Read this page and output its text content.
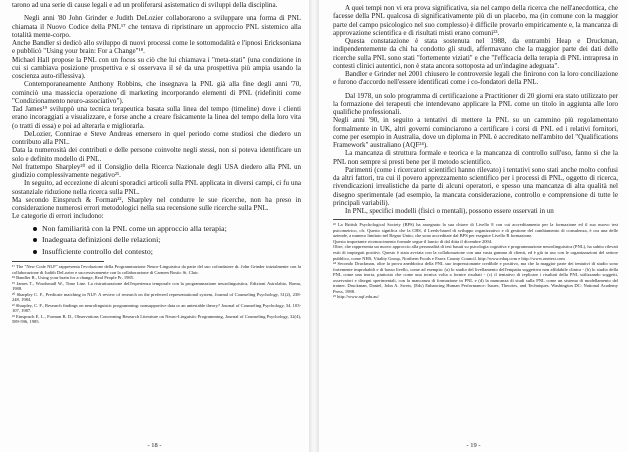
tarono ad una serie di cause legali e ad un proliferarsi asistematico di sviluppi della disciplina.

Negli anni '80 John Grinder e Judith DeLozier collaborarono a sviluppare una forma di PNL chiamata il Nuovo Codice della PNL¹⁷ che tentava di ripristinare un approccio PNL sistemico alla totalità mente-corpo.

Anche Bandler si dedicò allo sviluppo di nuovi processi come le sottomodalità e l'ipnosi Ericksoniana e pubblicò "Using your brain: For a Change"¹⁸.

Michael Hall propose la PNL con un focus su ciò che lui chiamava i "meta-stati" (una condizione in cui si cambiava posizione prospettiva e si osservava il sé da una prospettiva più ampia usando la coscienza auto-riflessiva).

Contemporaneamente Anthony Robbins, che insegnava la PNL già alla fine degli anni '70, cominciò una massiccia operazione di marketing incorporando elementi di PNL (ridefiniti come "Condizionamento neuro-associativo").

Tad James¹⁹ sviluppò una tecnica terapeutica basata sulla linea del tempo (timeline) dove i clienti erano incoraggiati a visualizzare, e forse anche a creare fisicamente la linea del tempo della loro vita (o tratti di essa) e poi ad alterarla e migliorarla.

DeLozier, Connirae e Steve Andreas emersero in quel periodo come studiosi che diedero un contributo alla PNL.

Data la numerosità dei contributi e delle persone coinvolte negli stessi, non si poteva identificare un solo e definito modello di PNL.

Nel frattempo Sharpley²⁰ ed il Consiglio della Ricerca Nazionale degli USA diedero alla PNL un giudizio complessivamente negativo²¹.

In seguito, ad eccezione di alcuni sporadici articoli sulla PNL applicata in diversi campi, ci fu una sostanziale riduzione nella ricerca sulla PNL.

Ma secondo Einspruch & Forman²², Sharpley nel condurre le sue ricerche, non ha preso in considerazione numerosi errori metodologici nella sua recensione sulle ricerche sulla PNL.

Le categorie di errori includono:

Non familiarità con la PNL come un approccio alla terapia;
Inadeguata definizioni delle relazioni;
Insufficiente controllo del contesto;

¹⁷ The "New Code NLP" rappresenta l'evoluzione della Programmazione Neuro-Linguistica da parte del suo cofondatore dr. John Grinder inizialmente con la collaborazione di Judith DeLozier e successivamente con la collaborazione di Carmen Bostic St. Clair.

¹⁸ Bandler R., Using your brain for a change, Real People Pr, 1985.

¹⁹ James T., Woodsmall W., Time Line. La ristrutturazione dell'esperienza temporale con la programmazione neurolinguistica, Edizioni Astrolabio, Roma, 1988.

²⁰ Sharpley C. F., Predicate matching in NLP: A review of research on the preferred representational system, Journal of Counseling Psychology, 31(2), 238-248, 1984.

²¹ Sharpley, C. F., Research findings on neurolinguistic programming: nonsupportive data or an untestable theory? Journal of Counseling Psychology, 34, 103-107, 1987.

²² Einspruch E. L., Forman B. D., Observations Concerning Research Literature on Neuro-Linguistic Programming, Journal of Counseling Psychology, 32(4), 589-596, 1985.

- 18 -

A quei tempi non vi era prova significativa, sia nel campo della ricerca che nell'anecdottica, che facesse della PNL qualcosa di significativamente più di un placebo, ma (in comune con la maggior parte del campo psicologico nel suo complesso) è difficile provarlo empiricamente e, la mancanza di approvazione scientifica e di risultati misti erano comuni²³.

Questa constatazione è stata sostenuta nel 1988, da entrambi Heap e Druckman, indipendentemente da chi ha condotto gli studi, affermavano che la maggior parte dei dati delle ricerche sulla PNL sono stati "fortemente viziati" e che "l'efficacia della terapia di PNL intrapresa in contesti clinici autentici, non è stata ancora sottoposta ad un'indagine adeguata".

Bandler e Grinder nel 2001 chiusero le controversie legali che finirono con la loro conciliazione e furono d'accordo nell'essere identificati come i co-fondatori della PNL.

Dal 1978, un solo programma di certificazione a Practitioner di 20 giorni era stato utilizzato per la formazione dei terapeuti che intendevano applicare la PNL come un titolo in aggiunta alle loro qualifiche professionali.

Negli anni '90, in seguito a tentativi di mettere la PNL su un cammino più regolamentato formalmente in UK, altri governi cominciarono a certificare i corsi di PNL ed i relativi fornitori, come per esempio in Australia, dove un diploma in PNL è accreditato nell'ambito del "Qualifications Framework" australiano (AQF²⁴).

La mancanza di struttura formale e teorica e la mancanza di controllo sull'uso, fanno sì che la PNL non sempre si presti bene per il metodo scientifico.

Parimenti (come i ricercatori scientifici hanno rilevato) i tentativi sono stati anche molto confusi da altri fattori, tra cui il povero apprezzamento scientifico per i processi di PNL, oggetto di ricerca, rivendicazioni irrealistiche da parte di alcuni operatori, e spesso una mancanza di alta qualità nel disegno sperimentale (ad esempio, la mancata considerazione, controllo e comprensione di tutte le principali variabili).

In PNL, specifici modelli (fisici o mentali), possono essere osservati in un

²³ La British Psychological Society (BPS) ha assegnato la sua chiave di Livello 8 con cui accreditamento per la formazione ed il suo nuovo test psicometrico, cfr. Questo significa che la CBS, il Leeds-based di sviluppo organizzativo e di gestione del cambiamento di consulenza, è ora una delle aziende, a numero limitato nel Regno Unito, che sono accreditate dal BPS per eseguire Livello B formazione.

Questo importante riconoscimento formale segue il lancio di dal ditta il dicembre 2004.

Oltre, che rappresenta un nuovo approccio alla personalità di test basati su psicologia cognitiva e programmazione neurolinguistica (PNL), ha subito rilevati esiti di impiegati positivi. Questo è stata avviata con la collaborazione con una vasta gamma di clienti, ed è già in uso con le organizzazioni del settore pubblico, come NHS, Vitality Group, Northern Foods e Essex County Council. http://www.edaq.com e http://www.onetest.com

²⁴ Secondo Druckman, oltre la prova aneddotica della PNL suo impressionante credibile e positivo, ma che la maggior parte dei tentativi di studio sono fortemente improbabili e di basso livello, come ad esempio: (a) lo studio del livellamento dell'empatia soggettiva non affidabile clinica - (b) lo studio della PNL come una teoria, piuttosto che come una tecnica volta a fornire risultati - (c) il tentativo di replicare i risultati della PNL utilizzando soggetti, osservatori e disegni sperimentali, con la mancanza di formazione in PNL e (d) la mancanza di studi sulla PNL come un sistema di modellamento del trainer. Druckman, Daniel, John A. Swets, (Eds) Enhancing Human Performance: Issues, Theories, and Techniques. Washington DC: National Academy Press, 1988.

²⁵ http://www.aqf.edu.au/

- 19 -
